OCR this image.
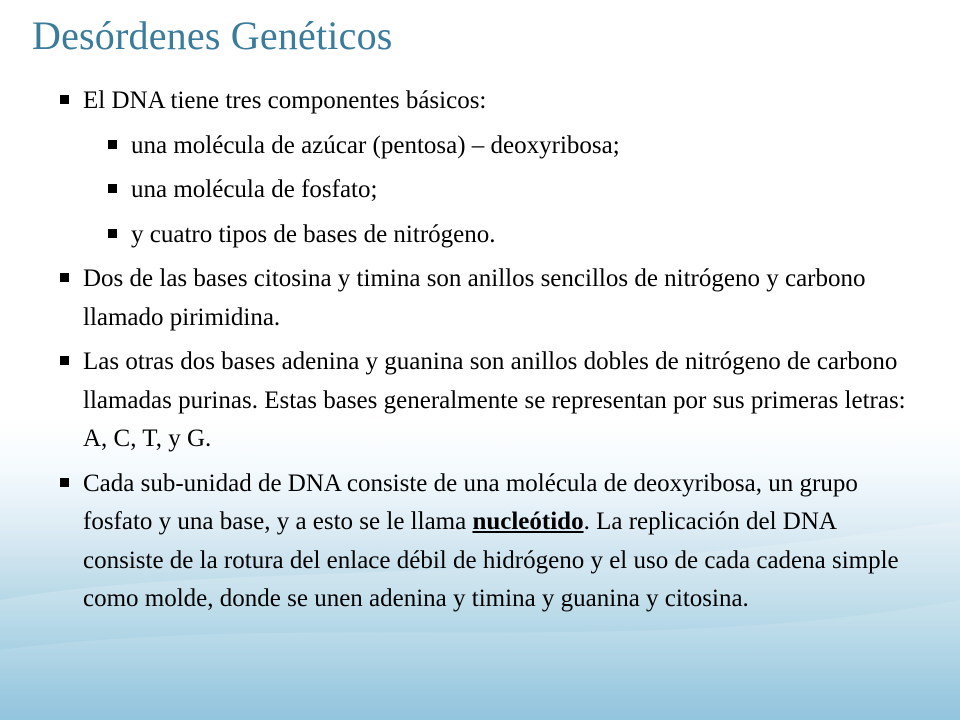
Desórdenes Genéticos
El DNA tiene tres componentes básicos:
una molécula de azúcar (pentosa) – deoxyribosa;
una molécula de fosfato;
y cuatro tipos de bases de nitrógeno.
Dos de las bases citosina y timina son anillos sencillos de nitrógeno y carbono llamado pirimidina.
Las otras dos bases adenina y guanina son anillos dobles de nitrógeno de carbono llamadas purinas. Estas bases generalmente se representan por sus primeras letras: A, C, T, y G.
Cada sub-unidad de DNA consiste de una molécula de deoxyribosa, un grupo fosfato y una base, y a esto se le llama nucleótido. La replicación del DNA consiste de la rotura del enlace débil de hidrógeno y el uso de cada cadena simple como molde, donde se unen adenina y timina y guanina y citosina.
